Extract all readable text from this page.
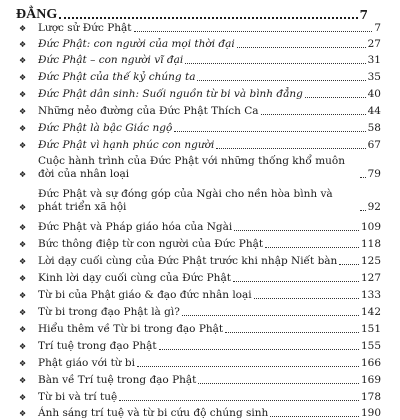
ĐẲNG	7
❖ Lược sử Đức Phật	7
❖ Đức Phật: con người của mọi thời đại	27
❖ Đức Phật – con người vĩ đại	31
❖ Đức Phật của thế kỷ chúng ta	35
❖ Đức Phật dân sinh: Suối nguồn từ bi và bình đẳng	40
❖ Những nẻo đường của Đức Phật Thích Ca	44
❖ Đức Phật là bậc Giác ngộ	58
❖ Đức Phật vì hạnh phúc con người	67
❖
Cuộc hành trình của Đức Phật với những thống khổ muôn đời của nhân loại	79
❖
Đức Phật và sự đóng góp của Ngài cho nền hòa bình và phát triển xã hội	92
❖ Đức Phật và Pháp giáo hóa của Ngài	109
❖ Bức thông điệp từ con người của Đức Phật	118
❖ Lời dạy cuối cùng của Đức Phật trước khi nhập Niết bàn 125
❖ Kinh lời dạy cuối cùng của Đức Phật	127
❖ Từ bi của Phật giáo & đạo đức nhân loại	133
❖ Từ bi trong đạo Phật là gì?	142
❖ Hiểu thêm về Từ bi trong đạo Phật	151
❖ Trí tuệ trong đạo Phật	155
❖ Phật giáo với từ bi	166
❖ Bàn về Trí tuệ trong đạo Phật	169
❖ Từ bi và trí tuệ	178
❖ Ánh sáng trí tuệ và từ bi cứu độ chúng sinh	190
